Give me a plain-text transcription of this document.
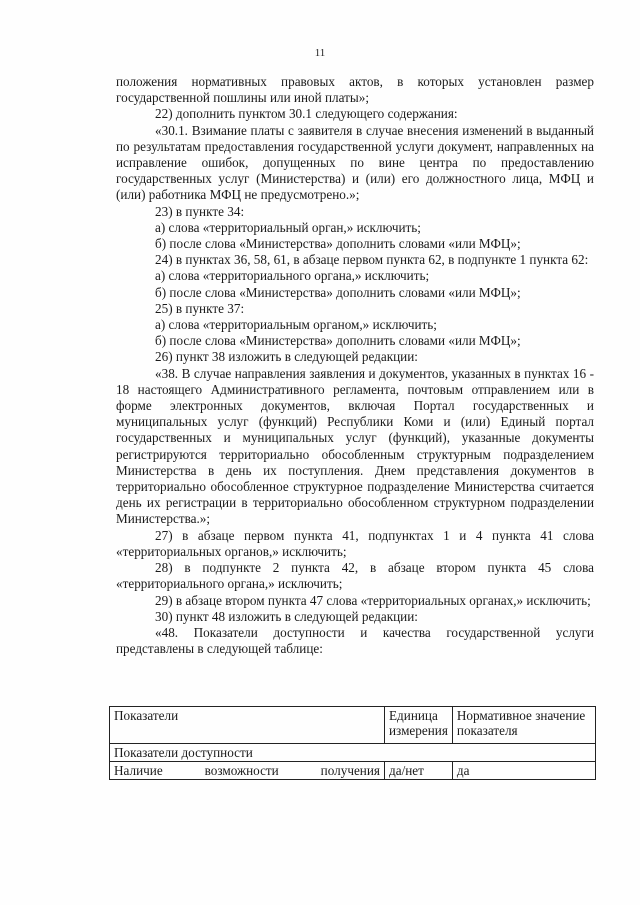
11

положения нормативных правовых актов, в которых установлен размер государственной пошлины или иной платы»;

22) дополнить пунктом 30.1 следующего содержания:

«30.1. Взимание платы с заявителя в случае внесения изменений в выданный по результатам предоставления государственной услуги документ, направленных на исправление ошибок, допущенных по вине центра по предоставлению государственных услуг (Министерства) и (или) его должностного лица, МФЦ и (или) работника МФЦ не предусмотрено.»;

23) в пункте 34:

а) слова «территориальный орган,» исключить;

б) после слова «Министерства» дополнить словами «или МФЦ»;

24) в пунктах 36, 58, 61, в абзаце первом пункта 62, в подпункте 1 пункта 62:

а) слова «территориального органа,» исключить;

б) после слова «Министерства» дополнить словами «или МФЦ»;

25) в пункте 37:

а) слова «территориальным органом,» исключить;

б) после слова «Министерства» дополнить словами «или МФЦ»;

26) пункт 38 изложить в следующей редакции:

«38. В случае направления заявления и документов, указанных в пунктах 16 - 18 настоящего Административного регламента, почтовым отправлением или в форме электронных документов, включая Портал государственных и муниципальных услуг (функций) Республики Коми и (или) Единый портал государственных и муниципальных услуг (функций), указанные документы регистрируются территориально обособленным структурным подразделением Министерства в день их поступления. Днем представления документов в территориально обособленное структурное подразделение Министерства считается день их регистрации в территориально обособленном структурном подразделении Министерства.»;

27) в абзаце первом пункта 41, подпунктах 1 и 4 пункта 41 слова «территориальных органов,» исключить;

28) в подпункте 2 пункта 42, в абзаце втором пункта 45 слова «территориального органа,» исключить;

29) в абзаце втором пункта 47 слова «территориальных органах,» исключить;

30) пункт 48 изложить в следующей редакции:

«48. Показатели доступности и качества государственной услуги представлены в следующей таблице:

Показатели	Единица измерения	Нормативное значение показателя
Показатели доступности		

Наличие возможности получения	да/нет	да
